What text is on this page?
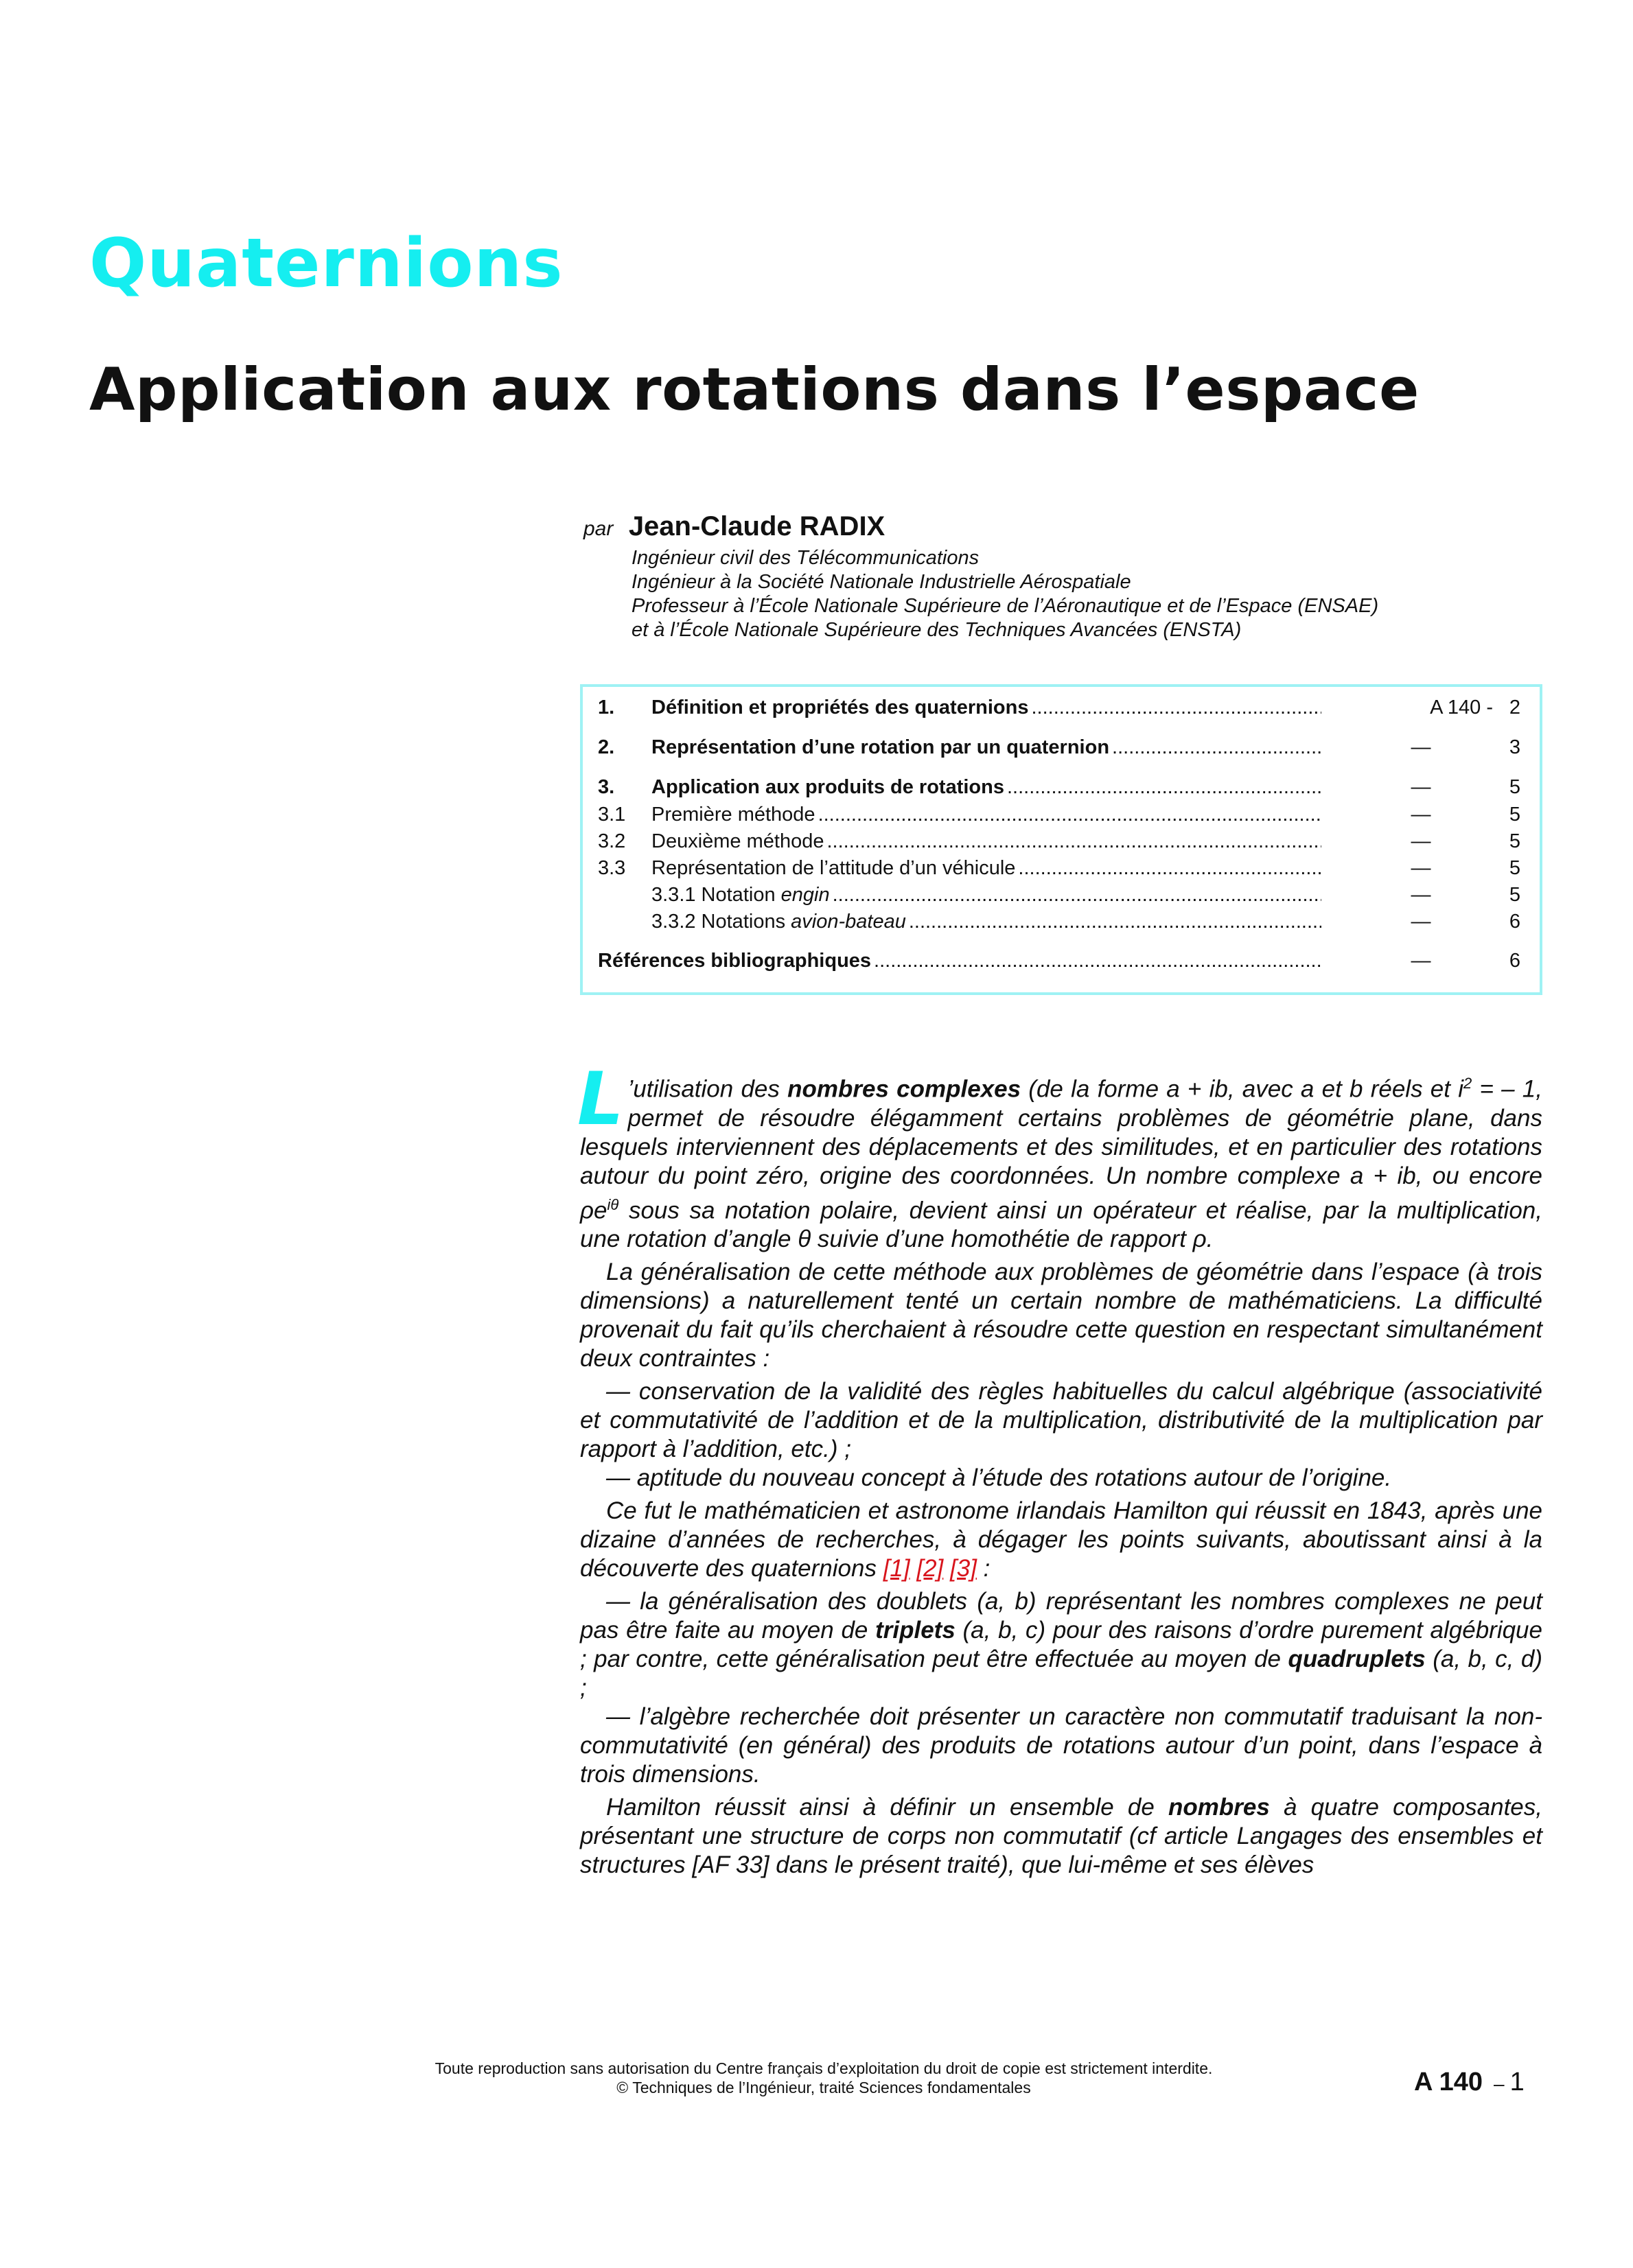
Quaternions
Application aux rotations dans l’espace
par Jean-Claude RADIX
Ingénieur civil des Télécommunications
Ingénieur à la Société Nationale Industrielle Aérospatiale
Professeur à l’École Nationale Supérieure de l’Aéronautique et de l’Espace (ENSAE)
et à l’École Nationale Supérieure des Techniques Avancées (ENSTA)
1.	Définition et propriétés des quaternions .....	A 140 - 2
2.	Représentation d’une rotation par un quaternion .....	—	3
3.	Application aux produits de rotations .....	—	5
3.1	Première méthode .....	—	5
3.2	Deuxième méthode .....	—	5
3.3	Représentation de l’attitude d’un véhicule .....	—	5
3.3.1 Notation engin .....	—	5
3.3.2 Notations avion-bateau .....	—	6
Références bibliographiques .....	—	6

L ’utilisation des nombres complexes (de la forme a + ib, avec a et b réels et $i^2$ = – 1, permet de résoudre élégamment certains problèmes de géométrie plane, dans lesquels interviennent des déplacements et des similitudes, et en particulier des rotations autour du point zéro, origine des coordonnées. Un nombre complexe a + ib, ou encore $\rho e^{i\theta}$ sous sa notation polaire, devient ainsi un opérateur et réalise, par la multiplication, une rotation d’angle θ suivie d’une homothétie de rapport ρ.

La généralisation de cette méthode aux problèmes de géométrie dans l’espace (à trois dimensions) a naturellement tenté un certain nombre de mathématiciens. La difficulté provenait du fait qu’ils cherchaient à résoudre cette question en respectant simultanément deux contraintes :

— conservation de la validité des règles habituelles du calcul algébrique (associativité et commutativité de l’addition et de la multiplication, distributivité de la multiplication par rapport à l’addition, etc.) ;

— aptitude du nouveau concept à l’étude des rotations autour de l’origine.

Ce fut le mathématicien et astronome irlandais Hamilton qui réussit en 1843, après une dizaine d’années de recherches, à dégager les points suivants, aboutissant ainsi à la découverte des quaternions [1] [2] [3] :

— la généralisation des doublets (a, b) représentant les nombres complexes ne peut pas être faite au moyen de triplets (a, b, c) pour des raisons d’ordre purement algébrique ; par contre, cette généralisation peut être effectuée au moyen de quadruplets (a, b, c, d) ;

— l’algèbre recherchée doit présenter un caractère non commutatif traduisant la non-commutativité (en général) des produits de rotations autour d’un point, dans l’espace à trois dimensions.

Hamilton réussit ainsi à définir un ensemble de nombres à quatre composantes, présentant une structure de corps non commutatif (cf article Langages des ensembles et structures [AF 33] dans le présent traité), que lui-même et ses élèves

Toute reproduction sans autorisation du Centre français d’exploitation du droit de copie est strictement interdite.
© Techniques de l’Ingénieur, traité Sciences fondamentales	A 140 – 1
